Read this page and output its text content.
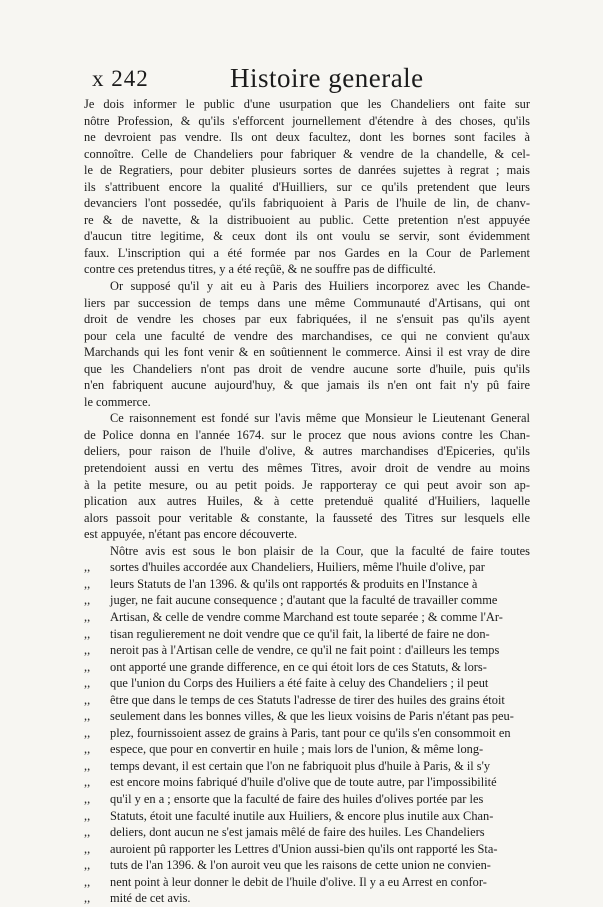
x 242	Histoire generale
Je dois informer le public d'une usurpation que les Chandeliers ont faite sur
nôtre Profession, & qu'ils s'efforcent journellement d'étendre à des choses, qu'ils
ne devroient pas vendre. Ils ont deux facultez, dont les bornes sont faciles à
connoître. Celle de Chandeliers pour fabriquer & vendre de la chandelle, & cel-
le de Regratiers, pour debiter plusieurs sortes de danrées sujettes à regrat ; mais
ils s'attribuent encore la qualité d'Huilliers, sur ce qu'ils pretendent que leurs
devanciers l'ont possedée, qu'ils fabriquoient à Paris de l'huile de lin, de chanv-
re & de navette, & la distribuoient au public. Cette pretention n'est appuyée
d'aucun titre legitime, & ceux dont ils ont voulu se servir, sont évidemment
faux. L'inscription qui a été formée par nos Gardes en la Cour de Parlement
contre ces pretendus titres, y a été reçûë, & ne souffre pas de difficulté.
Or supposé qu'il y ait eu à Paris des Huiliers incorporez avec les Chande-
liers par succession de temps dans une même Communauté d'Artisans, qui ont
droit de vendre les choses par eux fabriquées, il ne s'ensuit pas qu'ils ayent
pour cela une faculté de vendre des marchandises, ce qui ne convient qu'aux
Marchands qui les font venir & en soûtiennent le commerce. Ainsi il est vray de dire
que les Chandeliers n'ont pas droit de vendre aucune sorte d'huile, puis qu'ils
n'en fabriquent aucune aujourd'huy, & que jamais ils n'en ont fait n'y pû faire
le commerce.
Ce raisonnement est fondé sur l'avis même que Monsieur le Lieutenant General
de Police donna en l'année 1674. sur le procez que nous avions contre les Chan-
deliers, pour raison de l'huile d'olive, & autres marchandises d'Epiceries, qu'ils
pretendoient aussi en vertu des mêmes Titres, avoir droit de vendre au moins
à la petite mesure, ou au petit poids. Je rapporteray ce qui peut avoir son ap-
plication aux autres Huiles, & à cette pretenduë qualité d'Huiliers, laquelle
alors passoit pour veritable & constante, la fausseté des Titres sur lesquels elle
est appuyée, n'étant pas encore découverte.
Nôtre avis est sous le bon plaisir de la Cour, que la faculté de faire toutes
,, sortes d'huiles accordée aux Chandeliers, Huiliers, même l'huile d'olive, par
,, leurs Statuts de l'an 1396. & qu'ils ont rapportés & produits en l'Instance à
,, juger, ne fait aucune consequence ; d'autant que la faculté de travailler comme
,, Artisan, & celle de vendre comme Marchand est toute separée ; & comme l'Ar-
,, tisan regulierement ne doit vendre que ce qu'il fait, la liberté de faire ne don-
,, neroit pas à l'Artisan celle de vendre, ce qu'il ne fait point : d'ailleurs les temps
,, ont apporté une grande difference, en ce qui étoit lors de ces Statuts, & lors-
,, que l'union du Corps des Huiliers a été faite à celuy des Chandeliers ; il peut
,, être que dans le temps de ces Statuts l'adresse de tirer des huiles des grains étoit
,, seulement dans les bonnes villes, & que les lieux voisins de Paris n'étant pas peu-
,, plez, fournissoient assez de grains à Paris, tant pour ce qu'ils s'en consommoit en
,, espece, que pour en convertir en huile ; mais lors de l'union, & même long-
,, temps devant, il est certain que l'on ne fabriquoit plus d'huile à Paris, & il s'y
,, est encore moins fabriqué d'huile d'olive que de toute autre, par l'impossibilité
,, qu'il y en a ; ensorte que la faculté de faire des huiles d'olives portée par les
,, Statuts, étoit une faculté inutile aux Huiliers, & encore plus inutile aux Chan-
,, deliers, dont aucun ne s'est jamais mêlé de faire des huiles. Les Chandeliers
,, auroient pû rapporter les Lettres d'Union aussi-bien qu'ils ont rapporté les Sta-
,, tuts de l'an 1396. & l'on auroit veu que les raisons de cette union ne convien-
,, nent point à leur donner le debit de l'huile d'olive. Il y a eu Arrest en confor-
,, mité de cet avis.
